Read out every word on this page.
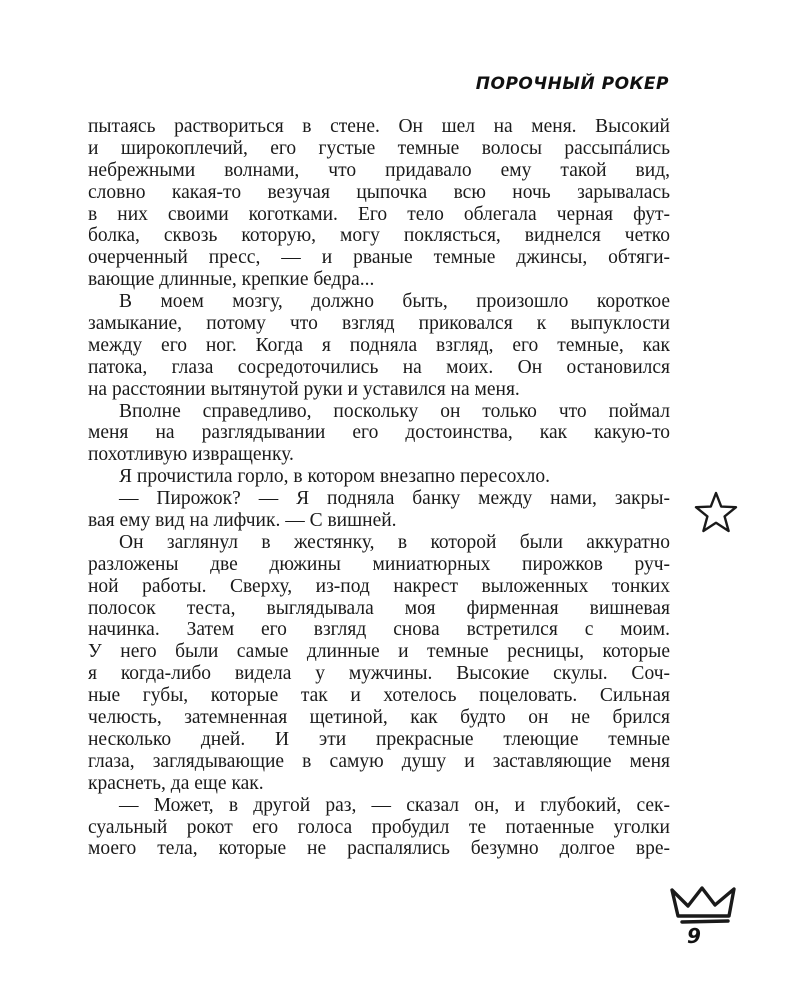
ПОРОЧНЫЙ РОКЕР
пытаясь раствориться в стене. Он шел на меня. Высокий
и широкоплечий, его густые темные волосы рассыпáлись
небрежными волнами, что придавало ему такой вид,
словно какая-то везучая цыпочка всю ночь зарывалась
в них своими коготками. Его тело облегала черная фут-
болка, сквозь которую, могу поклясться, виднелся четко
очерченный пресс, — и рваные темные джинсы, обтяги-
вающие длинные, крепкие бедра...
В моем мозгу, должно быть, произошло короткое
замыкание, потому что взгляд приковался к выпуклости
между его ног. Когда я подняла взгляд, его темные, как
патока, глаза сосредоточились на моих. Он остановился
на расстоянии вытянутой руки и уставился на меня.
Вполне справедливо, поскольку он только что поймал
меня на разглядывании его достоинства, как какую-то
похотливую извращенку.
Я прочистила горло, в котором внезапно пересохло.
— Пирожок? — Я подняла банку между нами, закры-
вая ему вид на лифчик. — С вишней.
Он заглянул в жестянку, в которой были аккуратно
разложены две дюжины миниатюрных пирожков руч-
ной работы. Сверху, из-под накрест выложенных тонких
полосок теста, выглядывала моя фирменная вишневая
начинка. Затем его взгляд снова встретился с моим.
У него были самые длинные и темные ресницы, которые
я когда-либо видела у мужчины. Высокие скулы. Соч-
ные губы, которые так и хотелось поцеловать. Сильная
челюсть, затемненная щетиной, как будто он не брился
несколько дней. И эти прекрасные тлеющие темные
глаза, заглядывающие в самую душу и заставляющие меня
краснеть, да еще как.
— Может, в другой раз, — сказал он, и глубокий, сек-
суальный рокот его голоса пробудил те потаенные уголки
моего тела, которые не распалялись безумно долгое вре-
9
